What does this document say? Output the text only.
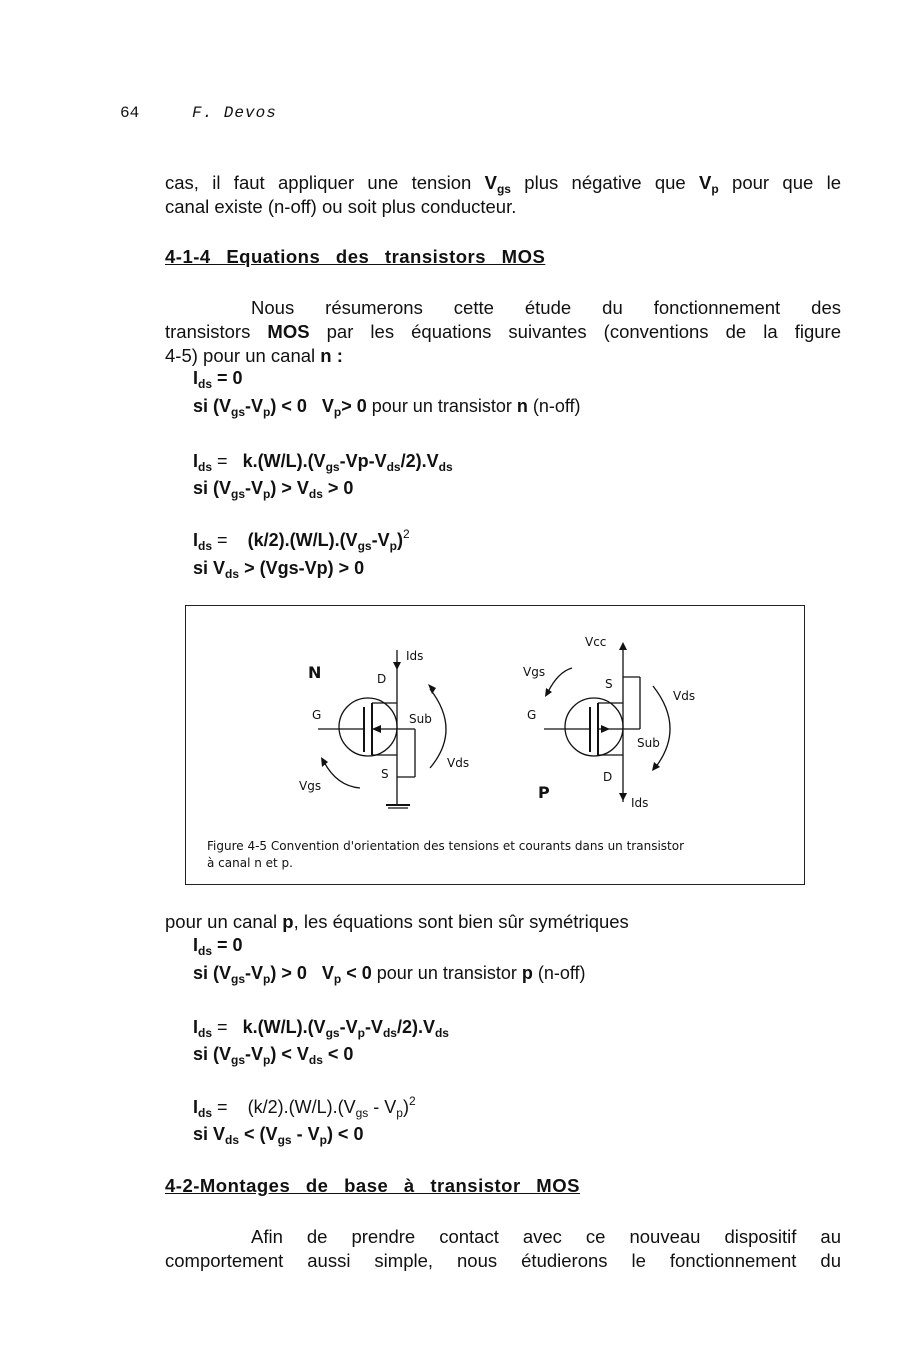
64	F. Devos
cas, il faut appliquer une tension $V_{gs}$ plus négative que $V_p$ pour que le
canal existe (n-off) ou soit plus conducteur.
4-1-4 Equations des transistors MOS
Nous résumerons cette étude du fonctionnement des
transistors MOS par les équations suivantes (conventions de la figure
4-5) pour un canal n :
$I_{ds} = 0$
si $(V_{gs}-V_p) < 0$   $V_p> 0$ pour un transistor n (n-off)
$I_{ds} = k.(W/L).(V_{gs}-Vp-V_{ds}/2).V_{ds}$
si $(V_{gs}-V_p) > V_{ds} > 0$
$I_{ds} = (k/2).(W/L).(V_{gs}-V_p)^2$
si $V_{ds} > (Vgs-Vp) > 0$
N
Ids
D
G	Sub
S
Vds
Vgs	P
Vcc
Vgs
S
G
Vds
Sub
D
Ids
Figure 4-5 Convention d'orientation des tensions et courants dans un transistor
à canal n et p.
pour un canal p, les équations sont bien sûr symétriques
$I_{ds} = 0$
si $(V_{gs}-V_p) > 0$   $V_p < 0$ pour un transistor p (n-off)
$I_{ds} = k.(W/L).(V_{gs}-V_p-V_{ds}/2).V_{ds}$
si $(V_{gs}-V_p) < V_{ds} < 0$
$I_{ds} = (k/2).(W/L).(V_{gs} - V_p)^2$
si $V_{ds} < (V_{gs} - V_p) < 0$
4-2-Montages de base à transistor MOS
Afin de prendre contact avec ce nouveau dispositif au
comportement aussi simple, nous étudierons le fonctionnement du
